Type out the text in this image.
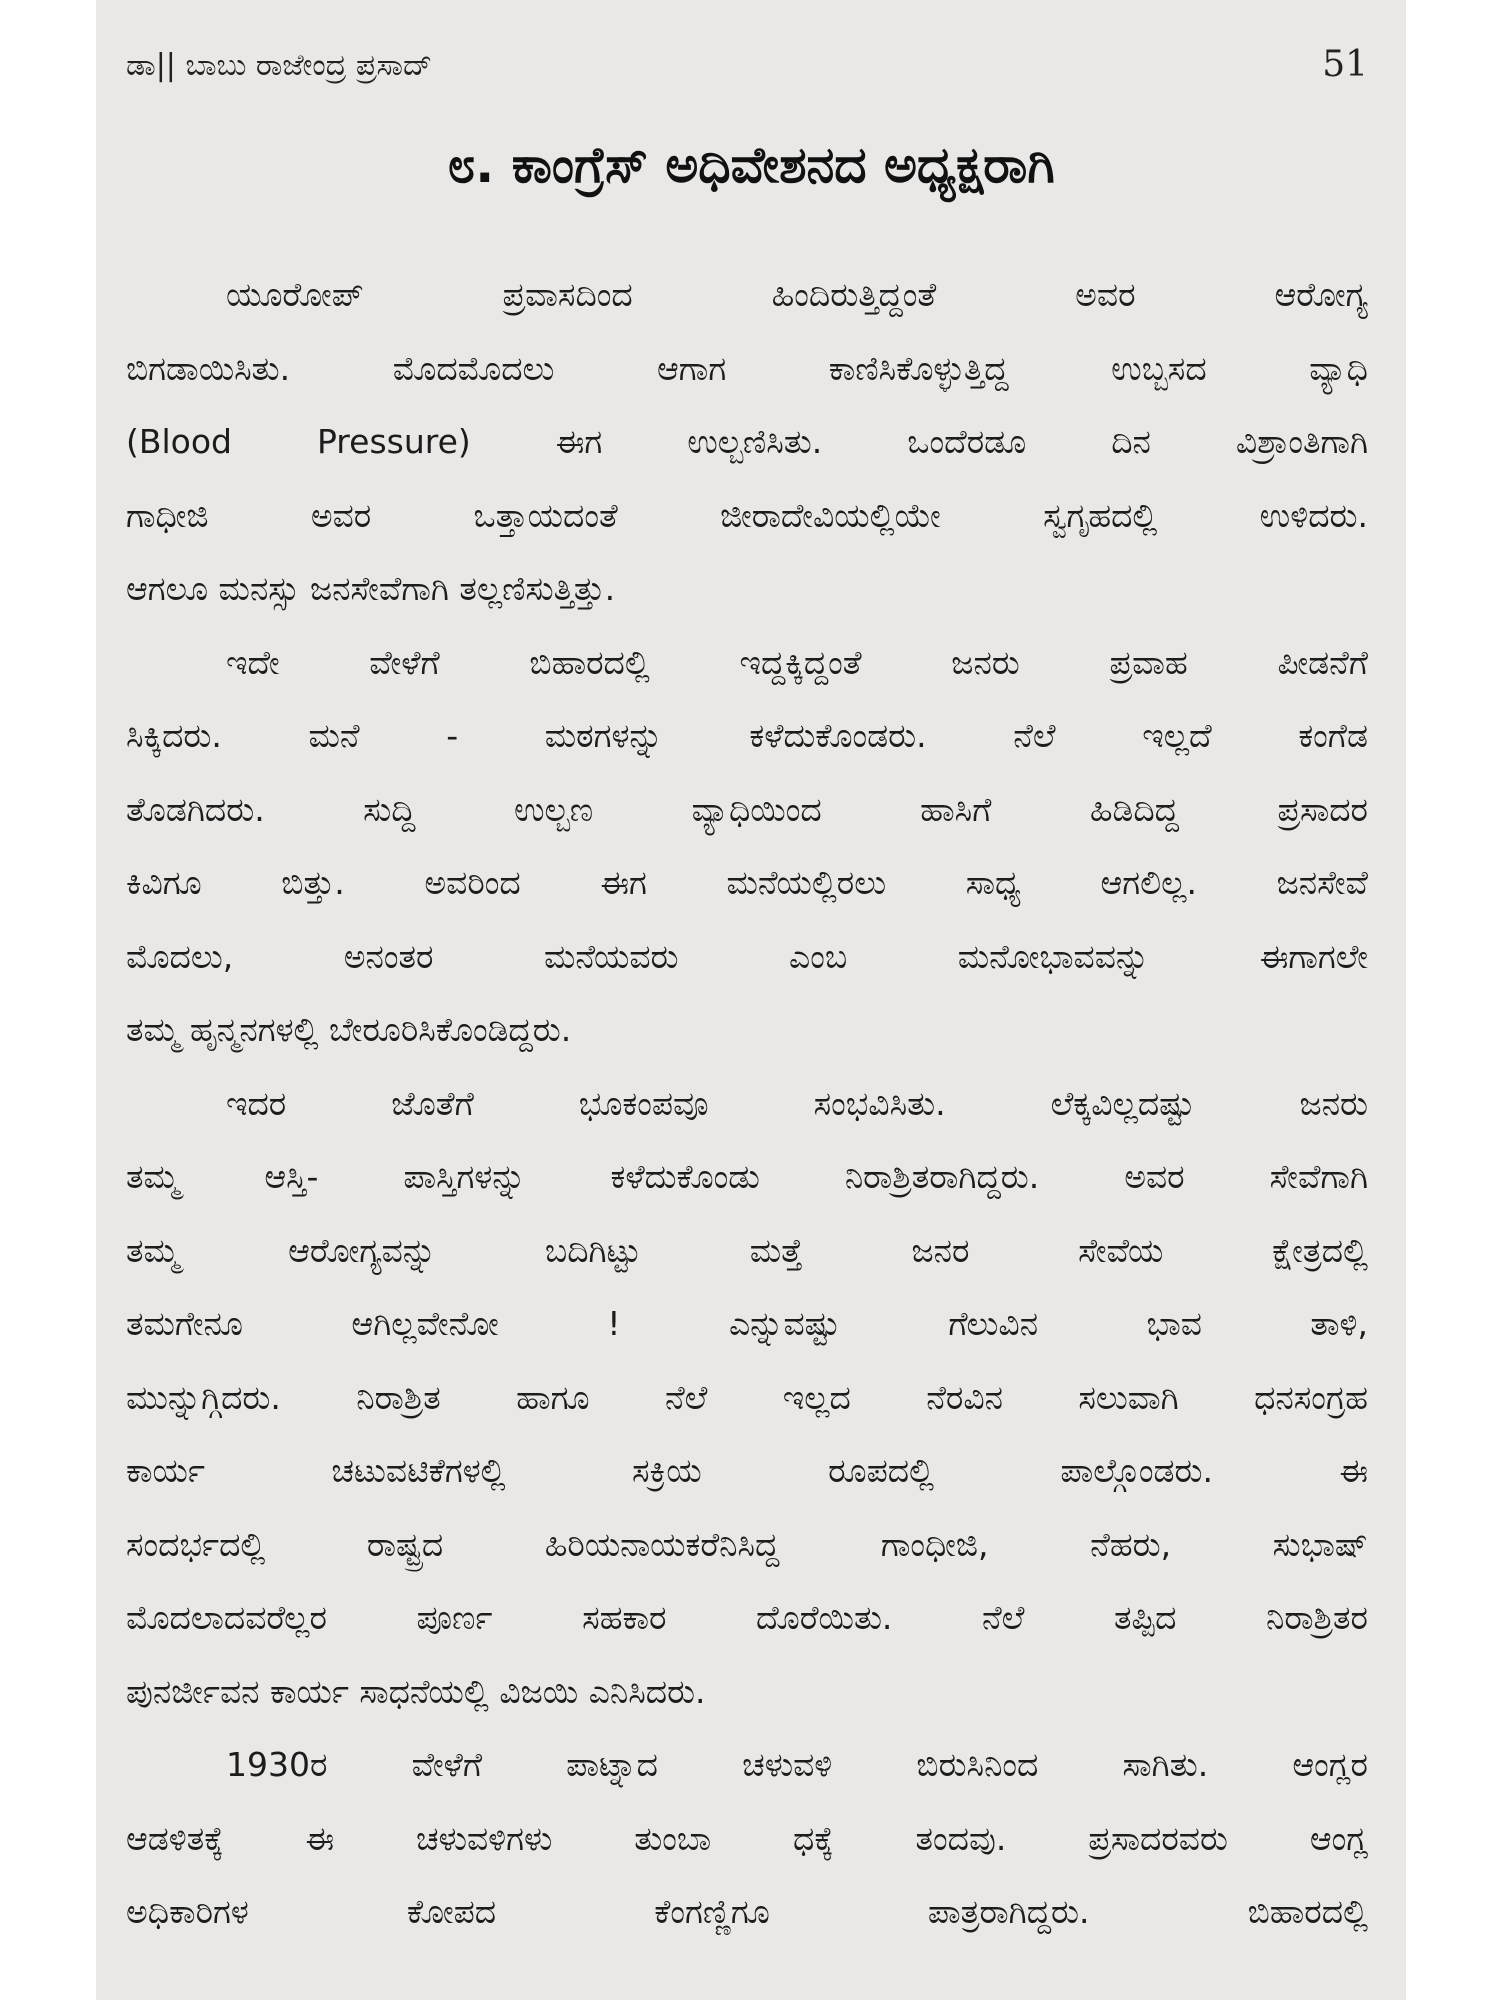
ಡಾ|| ಬಾಬು ರಾಜೇಂದ್ರ ಪ್ರಸಾದ್	51
೮. ಕಾಂಗ್ರೆಸ್ ಅಧಿವೇಶನದ ಅಧ್ಯಕ್ಷರಾಗಿ
ಯೂರೋಪ್ ಪ್ರವಾಸದಿಂದ ಹಿಂದಿರುತ್ತಿದ್ದಂತೆ ಅವರ ಆರೋಗ್ಯ
ಬಿಗಡಾಯಿಸಿತು. ಮೊದಮೊದಲು ಆಗಾಗ ಕಾಣಿಸಿಕೊಳ್ಳುತ್ತಿದ್ದ ಉಬ್ಬಸದ ವ್ಯಾಧಿ
(Blood Pressure) ಈಗ ಉಲ್ಬಣಿಸಿತು. ಒಂದೆರಡೂ ದಿನ ವಿಶ್ರಾಂತಿಗಾಗಿ
ಗಾಧೀಜಿ ಅವರ ಒತ್ತಾಯದಂತೆ ಜೀರಾದೇವಿಯಲ್ಲಿಯೇ ಸ್ವಗೃಹದಲ್ಲಿ ಉಳಿದರು.
ಆಗಲೂ ಮನಸ್ಸು ಜನಸೇವೆಗಾಗಿ ತಲ್ಲಣಿಸುತ್ತಿತ್ತು.
ಇದೇ ವೇಳೆಗೆ ಬಿಹಾರದಲ್ಲಿ ಇದ್ದಕ್ಕಿದ್ದಂತೆ ಜನರು ಪ್ರವಾಹ ಪೀಡನೆಗೆ
ಸಿಕ್ಕಿದರು. ಮನೆ - ಮಠಗಳನ್ನು ಕಳೆದುಕೊಂಡರು. ನೆಲೆ ಇಲ್ಲದೆ ಕಂಗೆಡ
ತೊಡಗಿದರು. ಸುದ್ದಿ ಉಲ್ಬಣ ವ್ಯಾಧಿಯಿಂದ ಹಾಸಿಗೆ ಹಿಡಿದಿದ್ದ ಪ್ರಸಾದರ
ಕಿವಿಗೂ ಬಿತ್ತು. ಅವರಿಂದ ಈಗ ಮನೆಯಲ್ಲಿರಲು ಸಾಧ್ಯ ಆಗಲಿಲ್ಲ. ಜನಸೇವೆ
ಮೊದಲು, ಅನಂತರ ಮನೆಯವರು ಎಂಬ ಮನೋಭಾವವನ್ನು ಈಗಾಗಲೇ
ತಮ್ಮ ಹೃನ್ಮನಗಳಲ್ಲಿ ಬೇರೂರಿಸಿಕೊಂಡಿದ್ದರು.
ಇದರ ಜೊತೆಗೆ ಭೂಕಂಪವೂ ಸಂಭವಿಸಿತು. ಲೆಕ್ಕವಿಲ್ಲದಷ್ಟು ಜನರು
ತಮ್ಮ ಆಸ್ತಿ- ಪಾಸ್ತಿಗಳನ್ನು ಕಳೆದುಕೊಂಡು ನಿರಾಶ್ರಿತರಾಗಿದ್ದರು. ಅವರ ಸೇವೆಗಾಗಿ
ತಮ್ಮ ಆರೋಗ್ಯವನ್ನು ಬದಿಗಿಟ್ಟು ಮತ್ತೆ ಜನರ ಸೇವೆಯ ಕ್ಷೇತ್ರದಲ್ಲಿ
ತಮಗೇನೂ ಆಗಿಲ್ಲವೇನೋ ! ಎನ್ನುವಷ್ಟು ಗೆಲುವಿನ ಭಾವ ತಾಳಿ,
ಮುನ್ನುಗ್ಗಿದರು. ನಿರಾಶ್ರಿತ ಹಾಗೂ ನೆಲೆ ಇಲ್ಲದ ನೆರವಿನ ಸಲುವಾಗಿ ಧನಸಂಗ್ರಹ
ಕಾರ್ಯ ಚಟುವಟಿಕೆಗಳಲ್ಲಿ ಸಕ್ರಿಯ ರೂಪದಲ್ಲಿ ಪಾಲ್ಗೊಂಡರು. ಈ
ಸಂದರ್ಭದಲ್ಲಿ ರಾಷ್ಟ್ರದ ಹಿರಿಯನಾಯಕರೆನಿಸಿದ್ದ ಗಾಂಧೀಜಿ, ನೆಹರು, ಸುಭಾಷ್
ಮೊದಲಾದವರೆಲ್ಲರ ಪೂರ್ಣ ಸಹಕಾರ ದೊರೆಯಿತು. ನೆಲೆ ತಪ್ಪಿದ ನಿರಾಶ್ರಿತರ
ಪುನರ್ಜೀವನ ಕಾರ್ಯ ಸಾಧನೆಯಲ್ಲಿ ವಿಜಯಿ ಎನಿಸಿದರು.
1930ರ ವೇಳೆಗೆ ಪಾಟ್ನಾದ ಚಳುವಳಿ ಬಿರುಸಿನಿಂದ ಸಾಗಿತು. ಆಂಗ್ಲರ
ಆಡಳಿತಕ್ಕೆ ಈ ಚಳುವಳಿಗಳು ತುಂಬಾ ಧಕ್ಕೆ ತಂದವು. ಪ್ರಸಾದರವರು ಆಂಗ್ಲ
ಅಧಿಕಾರಿಗಳ ಕೋಪದ ಕೆಂಗಣ್ಣಿಗೂ ಪಾತ್ರರಾಗಿದ್ದರು. ಬಿಹಾರದಲ್ಲಿ
